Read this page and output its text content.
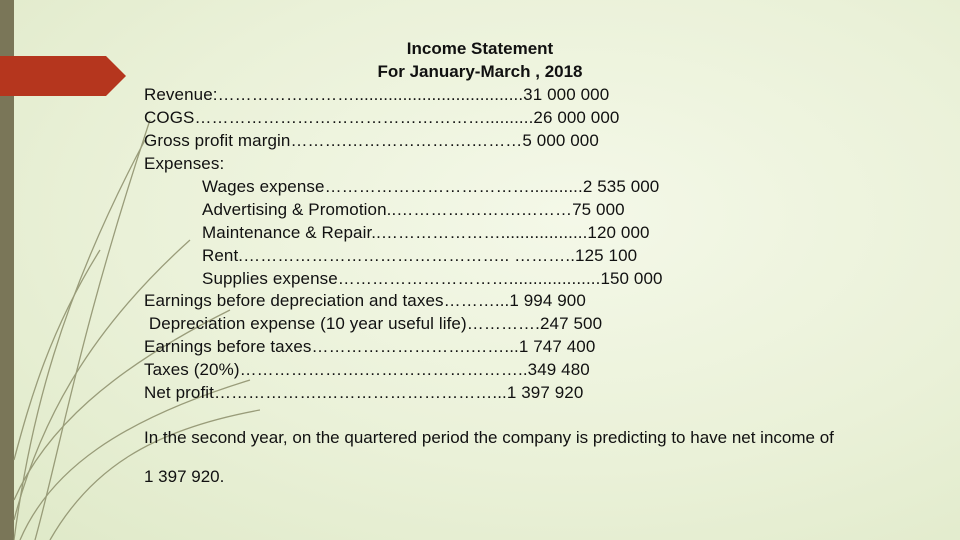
Income Statement
For January-March , 2018
Revenue:……………………...................................31 000 000
COGS……………………………………………..........26 000 000
Gross profit margin……….………………….………5 000 000
Expenses:
Wages expense………………………………...........2 535 000
Advertising & Promotion..………………….………75 000
Maintenance & Repair..…………………..................120 000
Rent.……………………………………….. ………..125 100
Supplies expense…………………………...................150 000
Earnings before depreciation and taxes………...1 994 900
Depreciation expense (10 year useful life)………….247 500
Earnings before taxes……………………….……...1 747 400
Taxes (20%)………………….………………………..349 480
Net profit……………….…………………………...1 397 920
In the second year, on the quartered period the company is predicting to have net income of
1 397 920.
